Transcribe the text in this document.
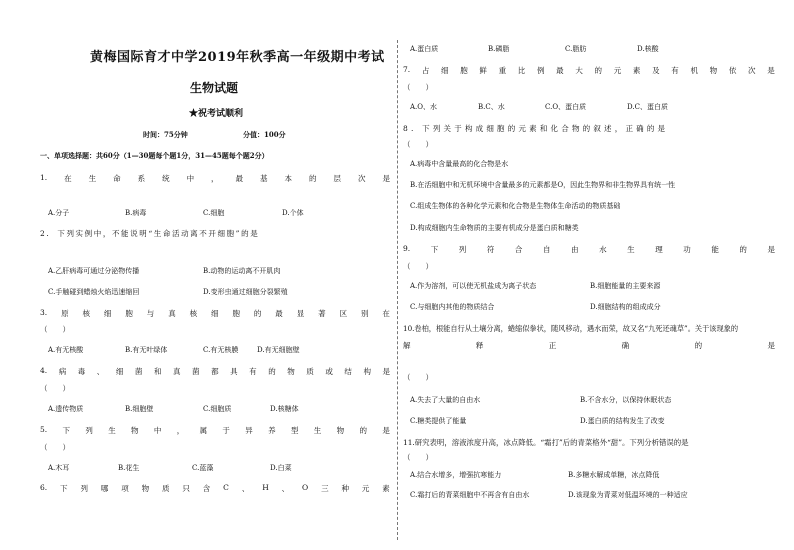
黄梅国际育才中学2019年秋季高一年级期中考试
生物试题
★祝考试顺利
时间：75分钟	分值：100分
一、单项选择题：共60分（1—30题每个题1分，31—45题每个题2分）
1. 在 生 命 系 统 中 ， 最 基 本 的 层 次 是
A.分子	B.病毒	C.细胞	D.个体
2. 下列实例中，不能说明“生命活动离不开细胞”的是
A.乙肝病毒可通过分泌物传播	B.动物的运动离不开肌肉
C.手触碰到蜡烛火焰迅速缩回	D.变形虫通过细胞分裂繁殖
3. 原 核 细 胞 与 真 核 细 胞 的 最 显 著 区 别 在
（　　）
A.有无核酸	B.有无叶绿体	C.有无核膜	D.有无细胞壁
4. 病 毒 、 细 菌 和 真 菌 都 具 有 的 物 质 或 结 构 是
（　　）
A.遗传物质	B.细胞壁	C.细胞质	D.核糖体
5. 下 列 生 物 中 ， 属 于 异 养 型 生 物 的 是
（　　）
A.木耳	B.花生	C.蓝藻	D.白菜
6. 下 列 哪 项 物 质 只 含 C 、 H 、 O 三 种 元 素
A.蛋白质	B.磷脂	C.脂肪	D.核酸
7. 占 细 胞 鲜 重 比 例 最 大 的 元 素 及 有 机 物 依 次 是
（　　）
A.O、水	B.C、水	C.O、蛋白质	D.C、蛋白质
8. 下列关于构成细胞的元素和化合物的叙述，正确的是
（　　）
A.病毒中含量最高的化合物是水
B.在活细胞中和无机环境中含量最多的元素都是O，因此生物界和非生物界具有统一性
C.组成生物体的各种化学元素和化合物是生物体生命活动的物质基础
D.构成细胞内生命物质的主要有机成分是蛋白质和糖类
9.	下	列	符	合	自	由	水	生	理	功	能	的	是
（　　）
A.作为溶剂，可以使无机盐成为离子状态	B.细胞能量的主要来源
C.与细胞内其他的物质结合	D.细胞结构的组成成分
10.卷柏，根能自行从土壤分离，蜷缩似拳状，随风移动，遇水而荣，故又名“九死还魂草”。关于该现象的
解	释	正	确	的	是
（　　）
A.失去了大量的自由水	B.不含水分，以保持休眠状态
C.糖类提供了能量	D.蛋白质的结构发生了改变
11.研究表明，溶液浓度升高，冰点降低。“霜打”后的青菜格外“甜”。下列分析错误的是
（　　）
A.结合水增多，增强抗寒能力	B.多糖水解成单糖，冰点降低
C.霜打后的青菜细胞中不再含有自由水	D.该现象为青菜对低温环境的一种适应
